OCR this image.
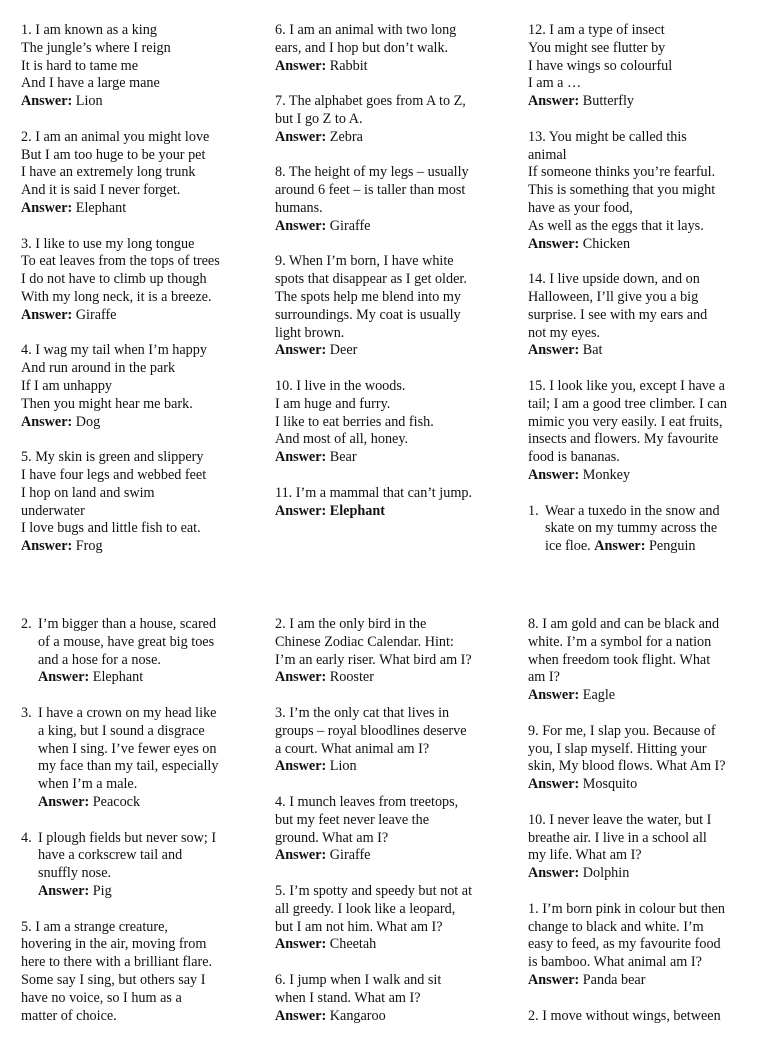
1. I am known as a king
The jungle’s where I reign
It is hard to tame me
And I have a large mane
Answer: Lion
2. I am an animal you might love
But I am too huge to be your pet
I have an extremely long trunk
And it is said I never forget.
Answer: Elephant
3. I like to use my long tongue
To eat leaves from the tops of trees
I do not have to climb up though
With my long neck, it is a breeze.
Answer: Giraffe
4. I wag my tail when I’m happy
And run around in the park
If I am unhappy
Then you might hear me bark.
Answer: Dog
5. My skin is green and slippery
I have four legs and webbed feet
I hop on land and swim
underwater
I love bugs and little fish to eat.
Answer: Frog
6. I am an animal with two long
ears, and I hop but don’t walk.
Answer: Rabbit
7. The alphabet goes from A to Z,
but I go Z to A.
Answer: Zebra
8. The height of my legs – usually
around 6 feet – is taller than most
humans.
Answer: Giraffe
9. When I’m born, I have white
spots that disappear as I get older.
The spots help me blend into my
surroundings. My coat is usually
light brown.
Answer: Deer
10. I live in the woods.
I am huge and furry.
I like to eat berries and fish.
And most of all, honey.
Answer: Bear
11. I’m a mammal that can’t jump.
Answer: Elephant
12. I am a type of insect
You might see flutter by
I have wings so colourful
I am a …
Answer: Butterfly
13. You might be called this
animal
If someone thinks you’re fearful.
This is something that you might
have as your food,
As well as the eggs that it lays.
Answer: Chicken
14. I live upside down, and on
Halloween, I’ll give you a big
surprise. I see with my ears and
not my eyes.
Answer: Bat
15. I look like you, except I have a
tail; I am a good tree climber. I can
mimic you very easily. I eat fruits,
insects and flowers. My favourite
food is bananas.
Answer: Monkey
1. Wear a tuxedo in the snow and
skate on my tummy across the
ice floe. Answer: Penguin
2. I’m bigger than a house, scared
of a mouse, have great big toes
and a hose for a nose.
Answer: Elephant
3. I have a crown on my head like
a king, but I sound a disgrace
when I sing. I’ve fewer eyes on
my face than my tail, especially
when I’m a male.
Answer: Peacock
4. I plough fields but never sow; I
have a corkscrew tail and
snuffly nose.
Answer: Pig
5. I am a strange creature,
hovering in the air, moving from
here to there with a brilliant flare.
Some say I sing, but others say I
have no voice, so I hum as a
matter of choice.
2. I am the only bird in the
Chinese Zodiac Calendar. Hint:
I’m an early riser. What bird am I?
Answer: Rooster
3. I’m the only cat that lives in
groups – royal bloodlines deserve
a court. What animal am I?
Answer: Lion
4. I munch leaves from treetops,
but my feet never leave the
ground. What am I?
Answer: Giraffe
5. I’m spotty and speedy but not at
all greedy. I look like a leopard,
but I am not him. What am I?
Answer: Cheetah
6. I jump when I walk and sit
when I stand. What am I?
Answer: Kangaroo
8. I am gold and can be black and
white. I’m a symbol for a nation
when freedom took flight. What
am I?
Answer: Eagle
9. For me, I slap you. Because of
you, I slap myself. Hitting your
skin, My blood flows. What Am I?
Answer: Mosquito
10. I never leave the water, but I
breathe air. I live in a school all
my life. What am I?
Answer: Dolphin
1. I’m born pink in colour but then
change to black and white. I’m
easy to feed, as my favourite food
is bamboo. What animal am I?
Answer: Panda bear
2. I move without wings, between
